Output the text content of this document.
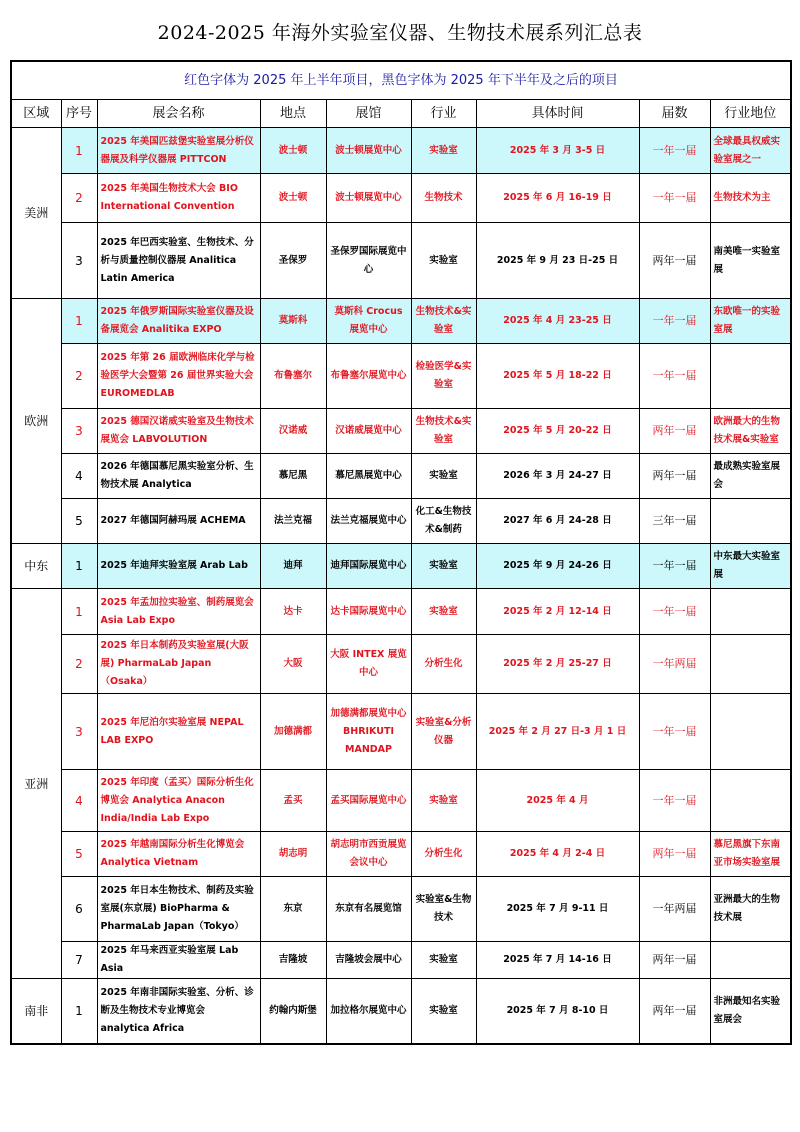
2024-2025 年海外实验室仪器、生物技术展系列汇总表
红色字体为 2025 年上半年项目，黑色字体为 2025 年下半年及之后的项目								
区域	序号	展会名称	地点	展馆	行业	具体时间	届数	行业地位
美洲	1	2025 年美国匹兹堡实验室展分析仪器展及科学仪器展 PITTCON	波士顿	波士顿展览中心	实验室	2025 年 3 月 3-5 日	一年一届	全球最具权威实验室展之一
	2	2025 年美国生物技术大会 BIO International Convention	波士顿	波士顿展览中心	生物技术	2025 年 6 月 16-19 日	一年一届	生物技术为主
	3	2025 年巴西实验室、生物技术、分析与质量控制仪器展 Analitica Latin America	圣保罗	圣保罗国际展览中心	实验室	2025 年 9 月 23 日-25 日	两年一届	南美唯一实验室展
欧洲	1	2025 年俄罗斯国际实验室仪器及设备展览会 Analitika EXPO	莫斯科	莫斯科 Crocus 展览中心	生物技术&实验室	2025 年 4 月 23-25 日	一年一届	东欧唯一的实验室展
	2	2025 年第 26 届欧洲临床化学与检验医学大会暨第 26 届世界实验大会 EUROMEDLAB	布鲁塞尔	布鲁塞尔展览中心	检验医学&实验室	2025 年 5 月 18-22 日	一年一届	
	3	2025 德国汉诺威实验室及生物技术展览会 LABVOLUTION	汉诺威	汉诺威展览中心	生物技术&实验室	2025 年 5 月 20-22 日	两年一届	欧洲最大的生物技术展&实验室
	4	2026 年德国慕尼黑实验室分析、生物技术展 Analytica	慕尼黑	慕尼黑展览中心	实验室	2026 年 3 月 24-27 日	两年一届	最成熟实验室展会
	5	2027 年德国阿赫玛展 ACHEMA	法兰克福	法兰克福展览中心	化工&生物技术&制药	2027 年 6 月 24-28 日	三年一届	
中东	1	2025 年迪拜实验室展 Arab Lab	迪拜	迪拜国际展览中心	实验室	2025 年 9 月 24-26 日	一年一届	中东最大实验室展
亚洲	1	2025 年孟加拉实验室、制药展览会 Asia Lab Expo	达卡	达卡国际展览中心	实验室	2025 年 2 月 12-14 日	一年一届	
	2	2025 年日本制药及实验室展(大阪展) PharmaLab Japan（Osaka）	大阪	大阪 INTEX 展览中心	分析生化	2025 年 2 月 25-27 日	一年两届	
	3	2025 年尼泊尔实验室展 NEPAL LAB EXPO	加德满都	加德满都展览中心 BHRIKUTI MANDAP	实验室&分析仪器	2025 年 2 月 27 日-3 月 1 日	一年一届	
	4	2025 年印度（孟买）国际分析生化博览会 Analytica Anacon India/India Lab Expo	孟买	孟买国际展览中心	实验室	2025 年 4 月	一年一届	
	5	2025 年越南国际分析生化博览会 Analytica Vietnam	胡志明	胡志明市西贡展览会议中心	分析生化	2025 年 4 月 2-4 日	两年一届	慕尼黑旗下东南亚市场实验室展
	6	2025 年日本生物技术、制药及实验室展(东京展) BioPharma & PharmaLab Japan（Tokyo）	东京	东京有名展览馆	实验室&生物技术	2025 年 7 月 9-11 日	一年两届	亚洲最大的生物技术展
	7	2025 年马来西亚实验室展 Lab Asia	吉隆坡	吉隆坡会展中心	实验室	2025 年 7 月 14-16 日	两年一届	
南非	1	2025 年南非国际实验室、分析、诊断及生物技术专业博览会 analytica Africa	约翰内斯堡	加拉格尔展览中心	实验室	2025 年 7 月 8-10 日	两年一届	非洲最知名实验室展会
